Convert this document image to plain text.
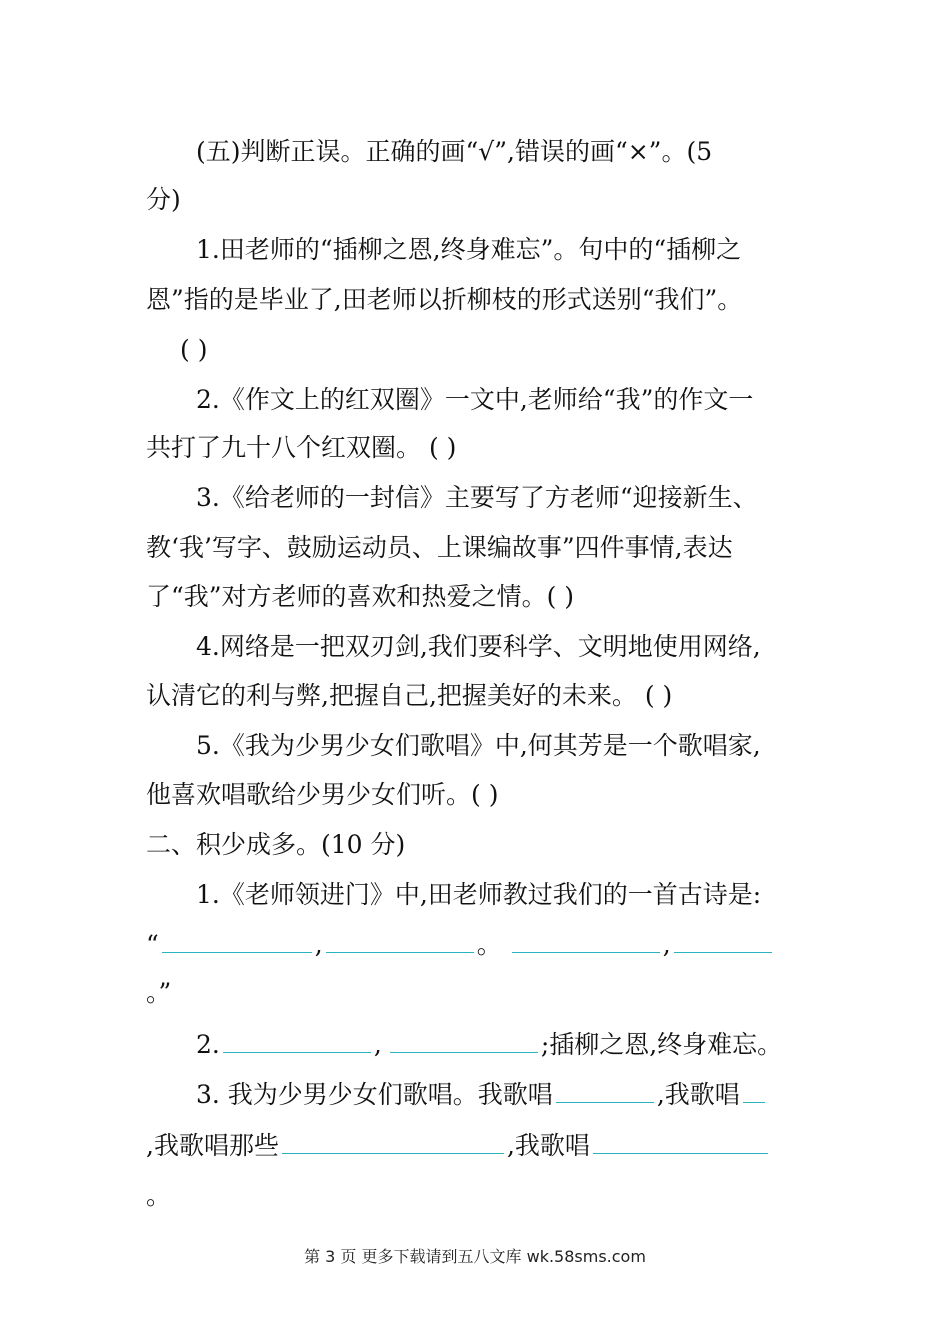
(五)判断正误。正确的画“√”,错误的画“×”。(5
分)
1.田老师的“插柳之恩,终身难忘”。句中的“插柳之
恩”指的是毕业了,田老师以折柳枝的形式送别“我们”。
( )
2.《作文上的红双圈》一文中,老师给“我”的作文一
共打了九十八个红双圈。 ( )
3.《给老师的一封信》主要写了方老师“迎接新生、
教‘我’写字、鼓励运动员、上课编故事”四件事情,表达
了“我”对方老师的喜欢和热爱之情。( )
4.网络是一把双刃剑,我们要科学、文明地使用网络,
认清它的利与弊,把握自己,把握美好的未来。 ( )
5.《我为少男少女们歌唱》中,何其芳是一个歌唱家,
他喜欢唱歌给少男少女们听。( )
二、积少成多。(10 分)
1.《老师领进门》中,田老师教过我们的一首古诗是:
“	,	。	,
。”
2.	,	;插柳之恩,终身难忘。
3. 我为少男少女们歌唱。我歌唱	,我歌唱
,我歌唱那些	,我歌唱
。
第 3 页 更多下载请到五八文库 wk.58sms.com
